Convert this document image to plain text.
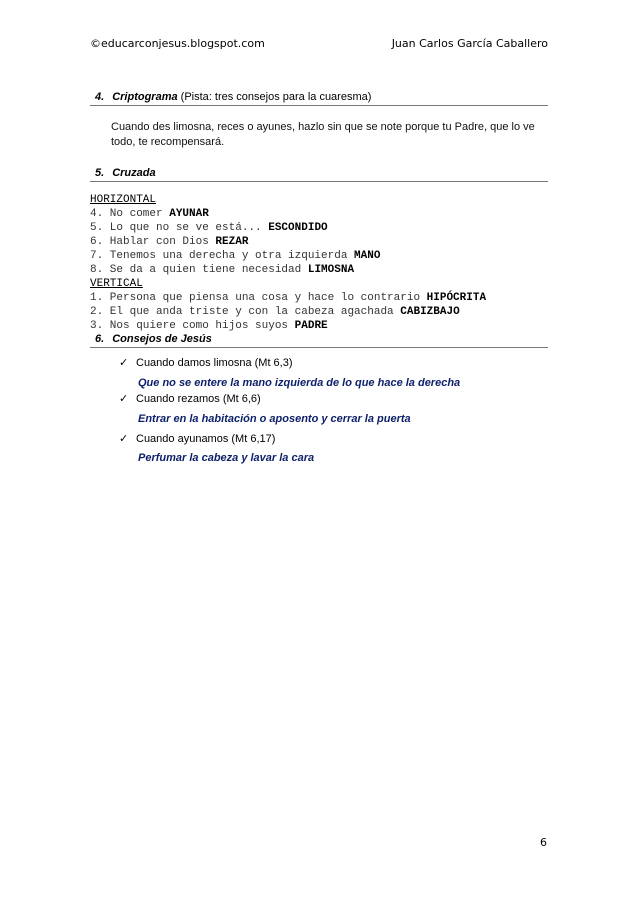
©educarconjesus.blogspot.com	Juan Carlos García Caballero
4. Criptograma (Pista: tres consejos para la cuaresma)
Cuando des limosna, reces o ayunes, hazlo sin que se note porque tu Padre, que lo ve
todo, te recompensará.
5. Cruzada
HORIZONTAL
4. No comer AYUNAR
5. Lo que no se ve está... ESCONDIDO
6. Hablar con Dios REZAR
7. Tenemos una derecha y otra izquierda MANO
8. Se da a quien tiene necesidad LIMOSNA
VERTICAL
1. Persona que piensa una cosa y hace lo contrario HIPÓCRITA
2. El que anda triste y con la cabeza agachada CABIZBAJO
3. Nos quiere como hijos suyos PADRE
6. Consejos de Jesús
✓ Cuando damos limosna (Mt 6,3)
Que no se entere la mano izquierda de lo que hace la derecha
✓ Cuando rezamos (Mt 6,6)
Entrar en la habitación o aposento y cerrar la puerta
✓ Cuando ayunamos (Mt 6,17)
Perfumar la cabeza y lavar la cara
6
